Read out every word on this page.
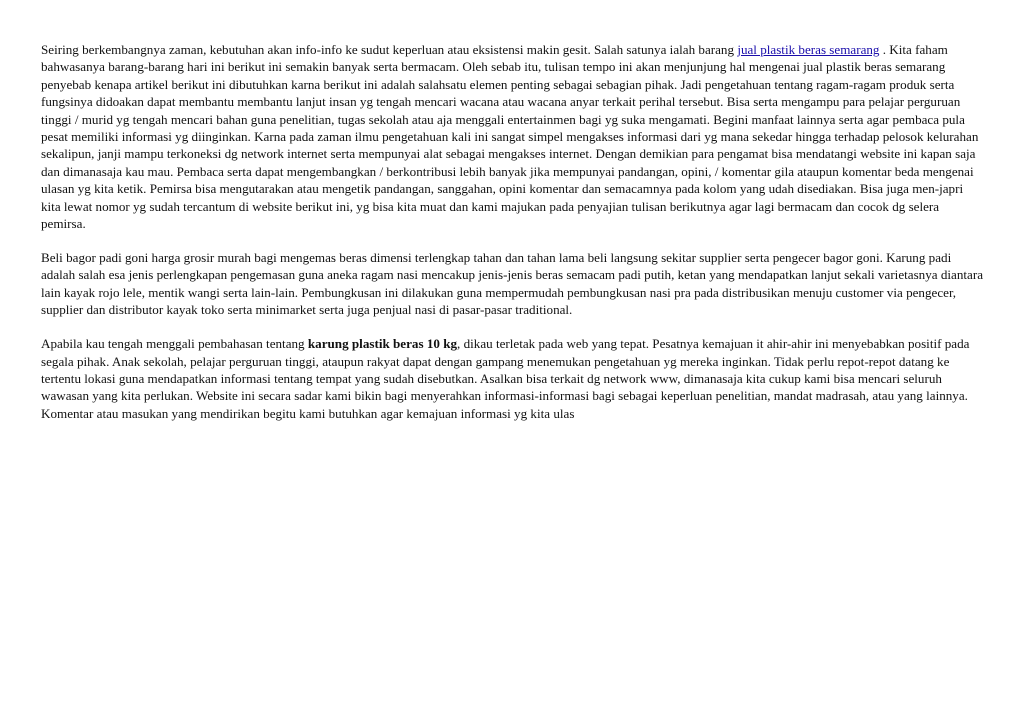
Seiring berkembangnya zaman, kebutuhan akan info-info ke sudut keperluan atau eksistensi makin gesit. Salah satunya ialah barang jual plastik beras semarang . Kita faham bahwasanya barang-barang hari ini berikut ini semakin banyak serta bermacam. Oleh sebab itu, tulisan tempo ini akan menjunjung hal mengenai jual plastik beras semarang penyebab kenapa artikel berikut ini dibutuhkan karna berikut ini adalah salahsatu elemen penting sebagai sebagian pihak. Jadi pengetahuan tentang ragam-ragam produk serta fungsinya didoakan dapat membantu membantu lanjut insan yg tengah mencari wacana atau wacana anyar terkait perihal tersebut. Bisa serta mengampu para pelajar perguruan tinggi / murid yg tengah mencari bahan guna penelitian, tugas sekolah atau aja menggali entertainmen bagi yg suka mengamati. Begini manfaat lainnya serta agar pembaca pula pesat memiliki informasi yg diinginkan. Karna pada zaman ilmu pengetahuan kali ini sangat simpel mengakses informasi dari yg mana sekedar hingga terhadap pelosok kelurahan sekalipun, janji mampu terkoneksi dg network internet serta mempunyai alat sebagai mengakses internet. Dengan demikian para pengamat bisa mendatangi website ini kapan saja dan dimanasaja kau mau. Pembaca serta dapat mengembangkan / berkontribusi lebih banyak jika mempunyai pandangan, opini, / komentar gila ataupun komentar beda mengenai ulasan yg kita ketik. Pemirsa bisa mengutarakan atau mengetik pandangan, sanggahan, opini komentar dan semacamnya pada kolom yang udah disediakan. Bisa juga men-japri kita lewat nomor yg sudah tercantum di website berikut ini, yg bisa kita muat dan kami majukan pada penyajian tulisan berikutnya agar lagi bermacam dan cocok dg selera pemirsa.

Beli bagor padi goni harga grosir murah bagi mengemas beras dimensi terlengkap tahan dan tahan lama beli langsung sekitar supplier serta pengecer bagor goni. Karung padi adalah salah esa jenis perlengkapan pengemasan guna aneka ragam nasi mencakup jenis-jenis beras semacam padi putih, ketan yang mendapatkan lanjut sekali varietasnya diantara lain kayak rojo lele, mentik wangi serta lain-lain. Pembungkusan ini dilakukan guna mempermudah pembungkusan nasi pra pada distribusikan menuju customer via pengecer, supplier dan distributor kayak toko serta minimarket serta juga penjual nasi di pasar-pasar traditional.

Apabila kau tengah menggali pembahasan tentang karung plastik beras 10 kg, dikau terletak pada web yang tepat. Pesatnya kemajuan it ahir-ahir ini menyebabkan positif pada segala pihak. Anak sekolah, pelajar perguruan tinggi, ataupun rakyat dapat dengan gampang menemukan pengetahuan yg mereka inginkan. Tidak perlu repot-repot datang ke tertentu lokasi guna mendapatkan informasi tentang tempat yang sudah disebutkan. Asalkan bisa terkait dg network www, dimanasaja kita cukup kami bisa mencari seluruh wawasan yang kita perlukan. Website ini secara sadar kami bikin bagi menyerahkan informasi-informasi bagi sebagai keperluan penelitian, mandat madrasah, atau yang lainnya. Komentar atau masukan yang mendirikan begitu kami butuhkan agar kemajuan informasi yg kita ulas
